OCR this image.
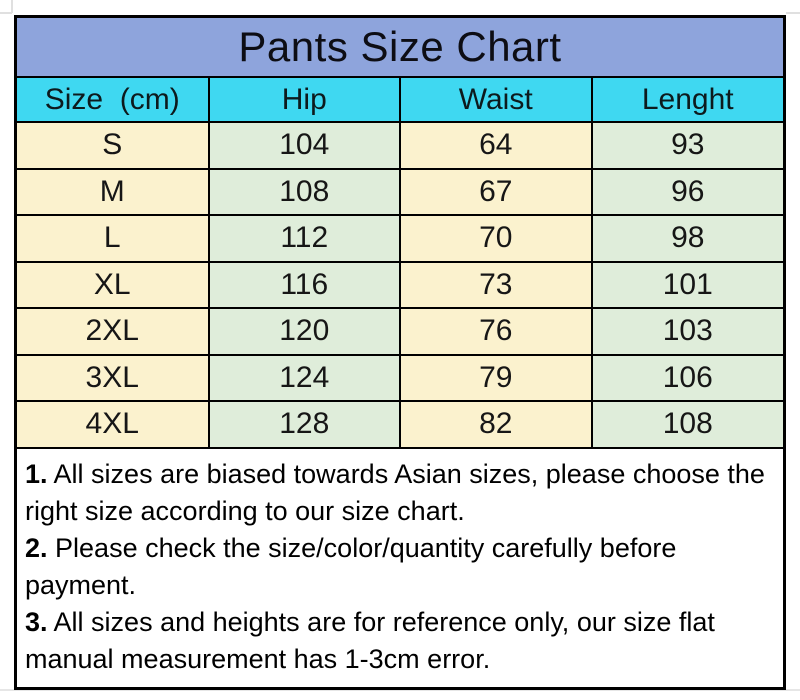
Pants Size Chart			
Size  (cm)	Hip	Waist	Lenght
S	104	64	93
M	108	67	96
L	112	70	98
XL	116	73	101
2XL	120	76	103
3XL	124	79	106
4XL	128	82	108

1. All sizes are biased towards Asian sizes, please choose the right size according to our size chart.

2. Please check the size/color/quantity carefully before payment.

3. All sizes and heights are for reference only, our size flat manual measurement has 1-3cm error.
